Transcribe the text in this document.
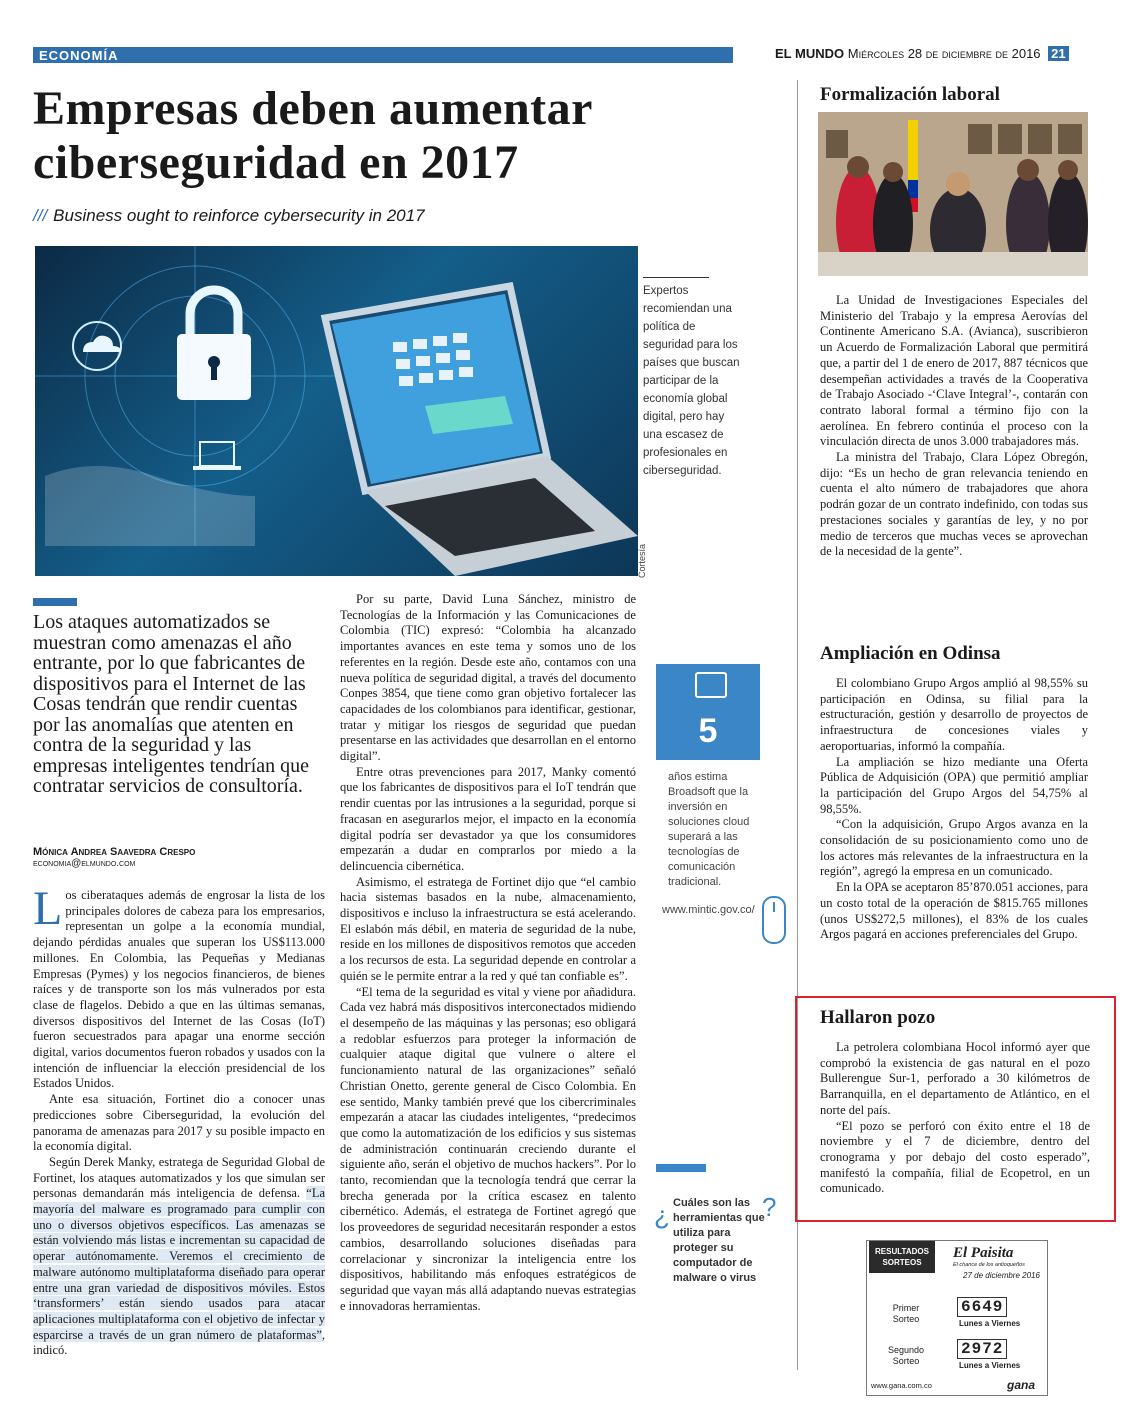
ECONOMÍA	EL MUNDO Miércoles 28 de diciembre de 2016 21
Empresas deben aumentar
ciberseguridad en 2017
/// Business ought to reinforce cybersecurity in 2017
Expertos recomiendan una política de seguridad para los países que buscan participar de la economía global digital, pero hay una escasez de profesionales en ciberseguridad.
Cortesía

Los ataques automatizados se muestran como amenazas el año entrante, por lo que fabricantes de dispositivos para el Internet de las Cosas tendrán que rendir cuentas por las anomalías que atenten en contra de la seguridad y las empresas inteligentes tendrían que contratar servicios de consultoría.

Mónica Andrea Saavedra Crespo
economia@elmundo.com

Los ciberataques además de engrosar la lista de los principales dolores de cabeza para los empresarios, representan un golpe a la economía mundial, dejando pérdidas anuales que superan los US$113.000 millones. En Colombia, las Pequeñas y Medianas Empresas (Pymes) y los negocios financieros, de bienes raíces y de transporte son los más vulnerados por esta clase de flagelos. Debido a que en las últimas semanas, diversos dispositivos del Internet de las Cosas (IoT) fueron secuestrados para apagar una enorme sección digital, varios documentos fueron robados y usados con la intención de influenciar la elección presidencial de los Estados Unidos.

Ante esa situación, Fortinet dio a conocer unas predicciones sobre Ciberseguridad, la evolución del panorama de amenazas para 2017 y su posible impacto en la economía digital.

Según Derek Manky, estratega de Seguridad Global de Fortinet, los ataques automatizados y los que simulan ser personas demandarán más inteligencia de defensa. “La mayoría del malware es programado para cumplir con uno o diversos objetivos específicos. Las amenazas se están volviendo más listas e incrementan su capacidad de operar autónomamente. Veremos el crecimiento de malware autónomo multiplataforma diseñado para operar entre una gran variedad de dispositivos móviles. Estos ‘transformers’ están siendo usados para atacar aplicaciones multiplataforma con el objetivo de infectar y esparcirse a través de un gran número de plataformas”, indicó.

Por su parte, David Luna Sánchez, ministro de Tecnologías de la Información y las Comunicaciones de Colombia (TIC) expresó: “Colombia ha alcanzado importantes avances en este tema y somos uno de los referentes en la región. Desde este año, contamos con una nueva política de seguridad digital, a través del documento Conpes 3854, que tiene como gran objetivo fortalecer las capacidades de los colombianos para identificar, gestionar, tratar y mitigar los riesgos de seguridad que puedan presentarse en las actividades que desarrollan en el entorno digital”.

Entre otras prevenciones para 2017, Manky comentó que los fabricantes de dispositivos para el IoT tendrán que rendir cuentas por las intrusiones a la seguridad, porque si fracasan en asegurarlos mejor, el impacto en la economía digital podría ser devastador ya que los consumidores empezarán a dudar en comprarlos por miedo a la delincuencia cibernética.

Asimismo, el estratega de Fortinet dijo que “el cambio hacia sistemas basados en la nube, almacenamiento, dispositivos e incluso la infraestructura se está acelerando. El eslabón más débil, en materia de seguridad de la nube, reside en los millones de dispositivos remotos que acceden a los recursos de esta. La seguridad depende en controlar a quién se le permite entrar a la red y qué tan confiable es”.

“El tema de la seguridad es vital y viene por añadidura. Cada vez habrá más dispositivos interconectados midiendo el desempeño de las máquinas y las personas; eso obligará a redoblar esfuerzos para proteger la información de cualquier ataque digital que vulnere o altere el funcionamiento natural de las organizaciones” señaló Christian Onetto, gerente general de Cisco Colombia. En ese sentido, Manky también prevé que los cibercriminales empezarán a atacar las ciudades inteligentes, “predecimos que como la automatización de los edificios y sus sistemas de administración continuarán creciendo durante el siguiente año, serán el objetivo de muchos hackers”. Por lo tanto, recomiendan que la tecnología tendrá que cerrar la brecha generada por la crítica escasez en talento cibernético. Además, el estratega de Fortinet agregó que los proveedores de seguridad necesitarán responder a estos cambios, desarrollando soluciones diseñadas para correlacionar y sincronizar la inteligencia entre los dispositivos, habilitando más enfoques estratégicos de seguridad que vayan más allá adaptando nuevas estrategias e innovadoras herramientas.

5
años estima Broadsoft que la inversión en soluciones cloud superará a las tecnologías de comunicación tradicional.
www.mintic.gov.co/
¿ Cuáles son las herramientas que utiliza para proteger su computador de malware o virus
?
Formalización laboral

La Unidad de Investigaciones Especiales del Ministerio del Trabajo y la empresa Aerovías del Continente Americano S.A. (Avianca), suscribieron un Acuerdo de Formalización Laboral que permitirá que, a partir del 1 de enero de 2017, 887 técnicos que desempeñan actividades a través de la Cooperativa de Trabajo Asociado -‘Clave Integral’-, contarán con contrato laboral formal a término fijo con la aerolínea. En febrero continúa el proceso con la vinculación directa de unos 3.000 trabajadores más.

La ministra del Trabajo, Clara López Obregón, dijo: “Es un hecho de gran relevancia teniendo en cuenta el alto número de trabajadores que ahora podrán gozar de un contrato indefinido, con todas sus prestaciones sociales y garantías de ley, y no por medio de terceros que muchas veces se aprovechan de la necesidad de la gente”.

Ampliación en Odinsa

El colombiano Grupo Argos amplió al 98,55% su participación en Odinsa, su filial para la estructuración, gestión y desarrollo de proyectos de infraestructura de concesiones viales y aeroportuarias, informó la compañía.

La ampliación se hizo mediante una Oferta Pública de Adquisición (OPA) que permitió ampliar la participación del Grupo Argos del 54,75% al 98,55%.

“Con la adquisición, Grupo Argos avanza en la consolidación de su posicionamiento como uno de los actores más relevantes de la infraestructura en la región”, agregó la empresa en un comunicado.

En la OPA se aceptaron 85’870.051 acciones, para un costo total de la operación de $815.765 millones (unos US$272,5 millones), el 83% de los cuales Argos pagará en acciones preferenciales del Grupo.

Hallaron pozo

La petrolera colombiana Hocol informó ayer que comprobó la existencia de gas natural en el pozo Bullerengue Sur-1, perforado a 30 kilómetros de Barranquilla, en el departamento de Atlántico, en el norte del país.

“El pozo se perforó con éxito entre el 18 de noviembre y el 7 de diciembre, dentro del cronograma y por debajo del costo esperado”, manifestó la compañía, filial de Ecopetrol, en un comunicado.

RESULTADOS SORTEOS
El Paisita
El chance de los antioqueños
27 de diciembre 2016
Primer Sorteo
6649
Lunes a Viernes
Segundo Sorteo
2972
Lunes a Viernes
www.gana.com.co	gana
